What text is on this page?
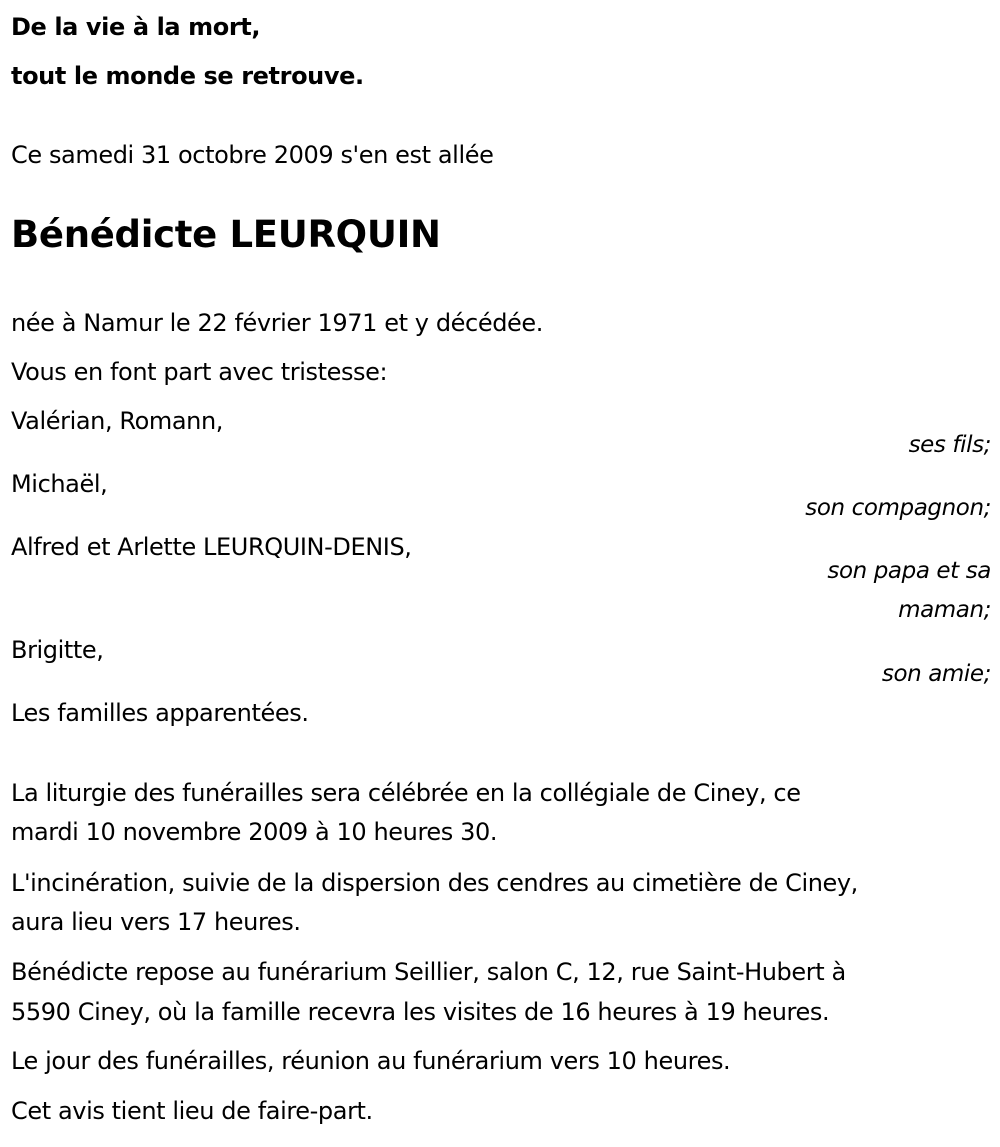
De la vie à la mort,
tout le monde se retrouve.
Ce samedi 31 octobre 2009 s'en est allée
Bénédicte LEURQUIN
née à Namur le 22 février 1971 et y décédée.
Vous en font part avec tristesse:
Valérian, Romann,
ses fils;
Michaël,
son compagnon;
Alfred et Arlette LEURQUIN-DENIS,
son papa et sa
maman;
Brigitte,
son amie;
Les familles apparentées.
La liturgie des funérailles sera célébrée en la collégiale de Ciney, ce
mardi 10 novembre 2009 à 10 heures 30.
L'incinération, suivie de la dispersion des cendres au cimetière de Ciney,
aura lieu vers 17 heures.
Bénédicte repose au funérarium Seillier, salon C, 12, rue Saint-Hubert à
5590 Ciney, où la famille recevra les visites de 16 heures à 19 heures.
Le jour des funérailles, réunion au funérarium vers 10 heures.
Cet avis tient lieu de faire-part.
